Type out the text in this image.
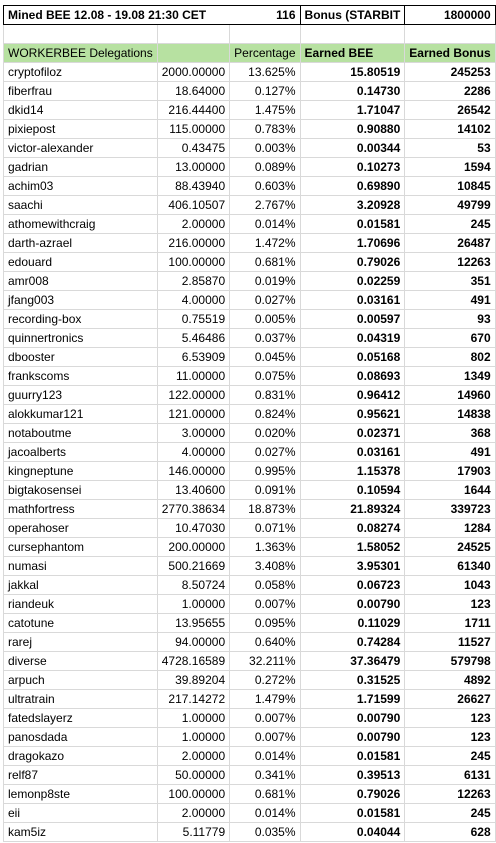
Mined BEE 12.08 - 19.08 21:30 CET		116	Bonus (STARBIT	1800000

WORKERBEE Delegations		Percentage	Earned BEE	Earned Bonus
cryptofiloz	2000.00000	13.625%	15.80519	245253
fiberfrau	18.64000	0.127%	0.14730	2286
dkid14	216.44400	1.475%	1.71047	26542
pixiepost	115.00000	0.783%	0.90880	14102
victor-alexander	0.43475	0.003%	0.00344	53
gadrian	13.00000	0.089%	0.10273	1594
achim03	88.43940	0.603%	0.69890	10845
saachi	406.10507	2.767%	3.20928	49799
athomewithcraig	2.00000	0.014%	0.01581	245
darth-azrael	216.00000	1.472%	1.70696	26487
edouard	100.00000	0.681%	0.79026	12263
amr008	2.85870	0.019%	0.02259	351
jfang003	4.00000	0.027%	0.03161	491
recording-box	0.75519	0.005%	0.00597	93
quinnertronics	5.46486	0.037%	0.04319	670
dbooster	6.53909	0.045%	0.05168	802
frankscoms	11.00000	0.075%	0.08693	1349
guurry123	122.00000	0.831%	0.96412	14960
alokkumar121	121.00000	0.824%	0.95621	14838
notaboutme	3.00000	0.020%	0.02371	368
jacoalberts	4.00000	0.027%	0.03161	491
kingneptune	146.00000	0.995%	1.15378	17903
bigtakosensei	13.40600	0.091%	0.10594	1644
mathfortress	2770.38634	18.873%	21.89324	339723
operahoser	10.47030	0.071%	0.08274	1284
cursephantom	200.00000	1.363%	1.58052	24525
numasi	500.21669	3.408%	3.95301	61340
jakkal	8.50724	0.058%	0.06723	1043
riandeuk	1.00000	0.007%	0.00790	123
catotune	13.95655	0.095%	0.11029	1711
rarej	94.00000	0.640%	0.74284	11527
diverse	4728.16589	32.211%	37.36479	579798
arpuch	39.89204	0.272%	0.31525	4892
ultratrain	217.14272	1.479%	1.71599	26627
fatedslayerz	1.00000	0.007%	0.00790	123
panosdada	1.00000	0.007%	0.00790	123
dragokazo	2.00000	0.014%	0.01581	245
relf87	50.00000	0.341%	0.39513	6131
lemonp8ste	100.00000	0.681%	0.79026	12263
eii	2.00000	0.014%	0.01581	245
kam5iz	5.11779	0.035%	0.04044	628
